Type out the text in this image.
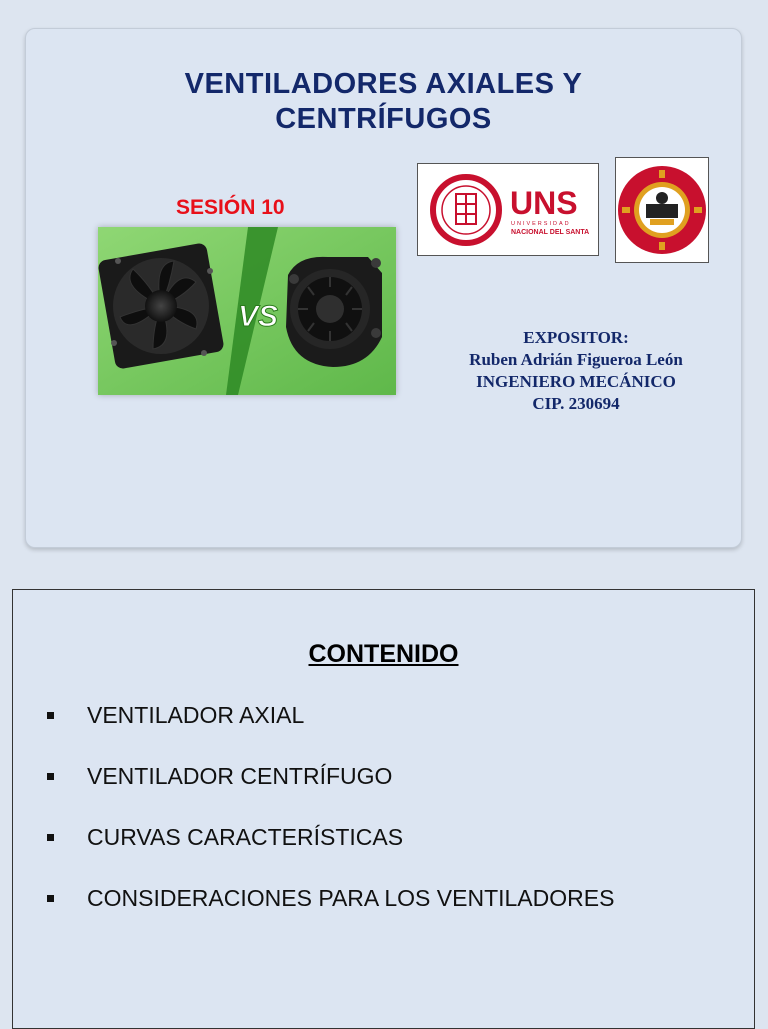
VENTILADORES AXIALES Y
CENTRÍFUGOS
SESIÓN 10
VS
UNS
UNIVERSIDAD
NACIONAL DEL SANTA
EXPOSITOR:
Ruben Adrián Figueroa León
INGENIERO MECÁNICO
CIP. 230694
CONTENIDO
VENTILADOR AXIAL
VENTILADOR CENTRÍFUGO
CURVAS CARACTERÍSTICAS
CONSIDERACIONES PARA LOS VENTILADORES
